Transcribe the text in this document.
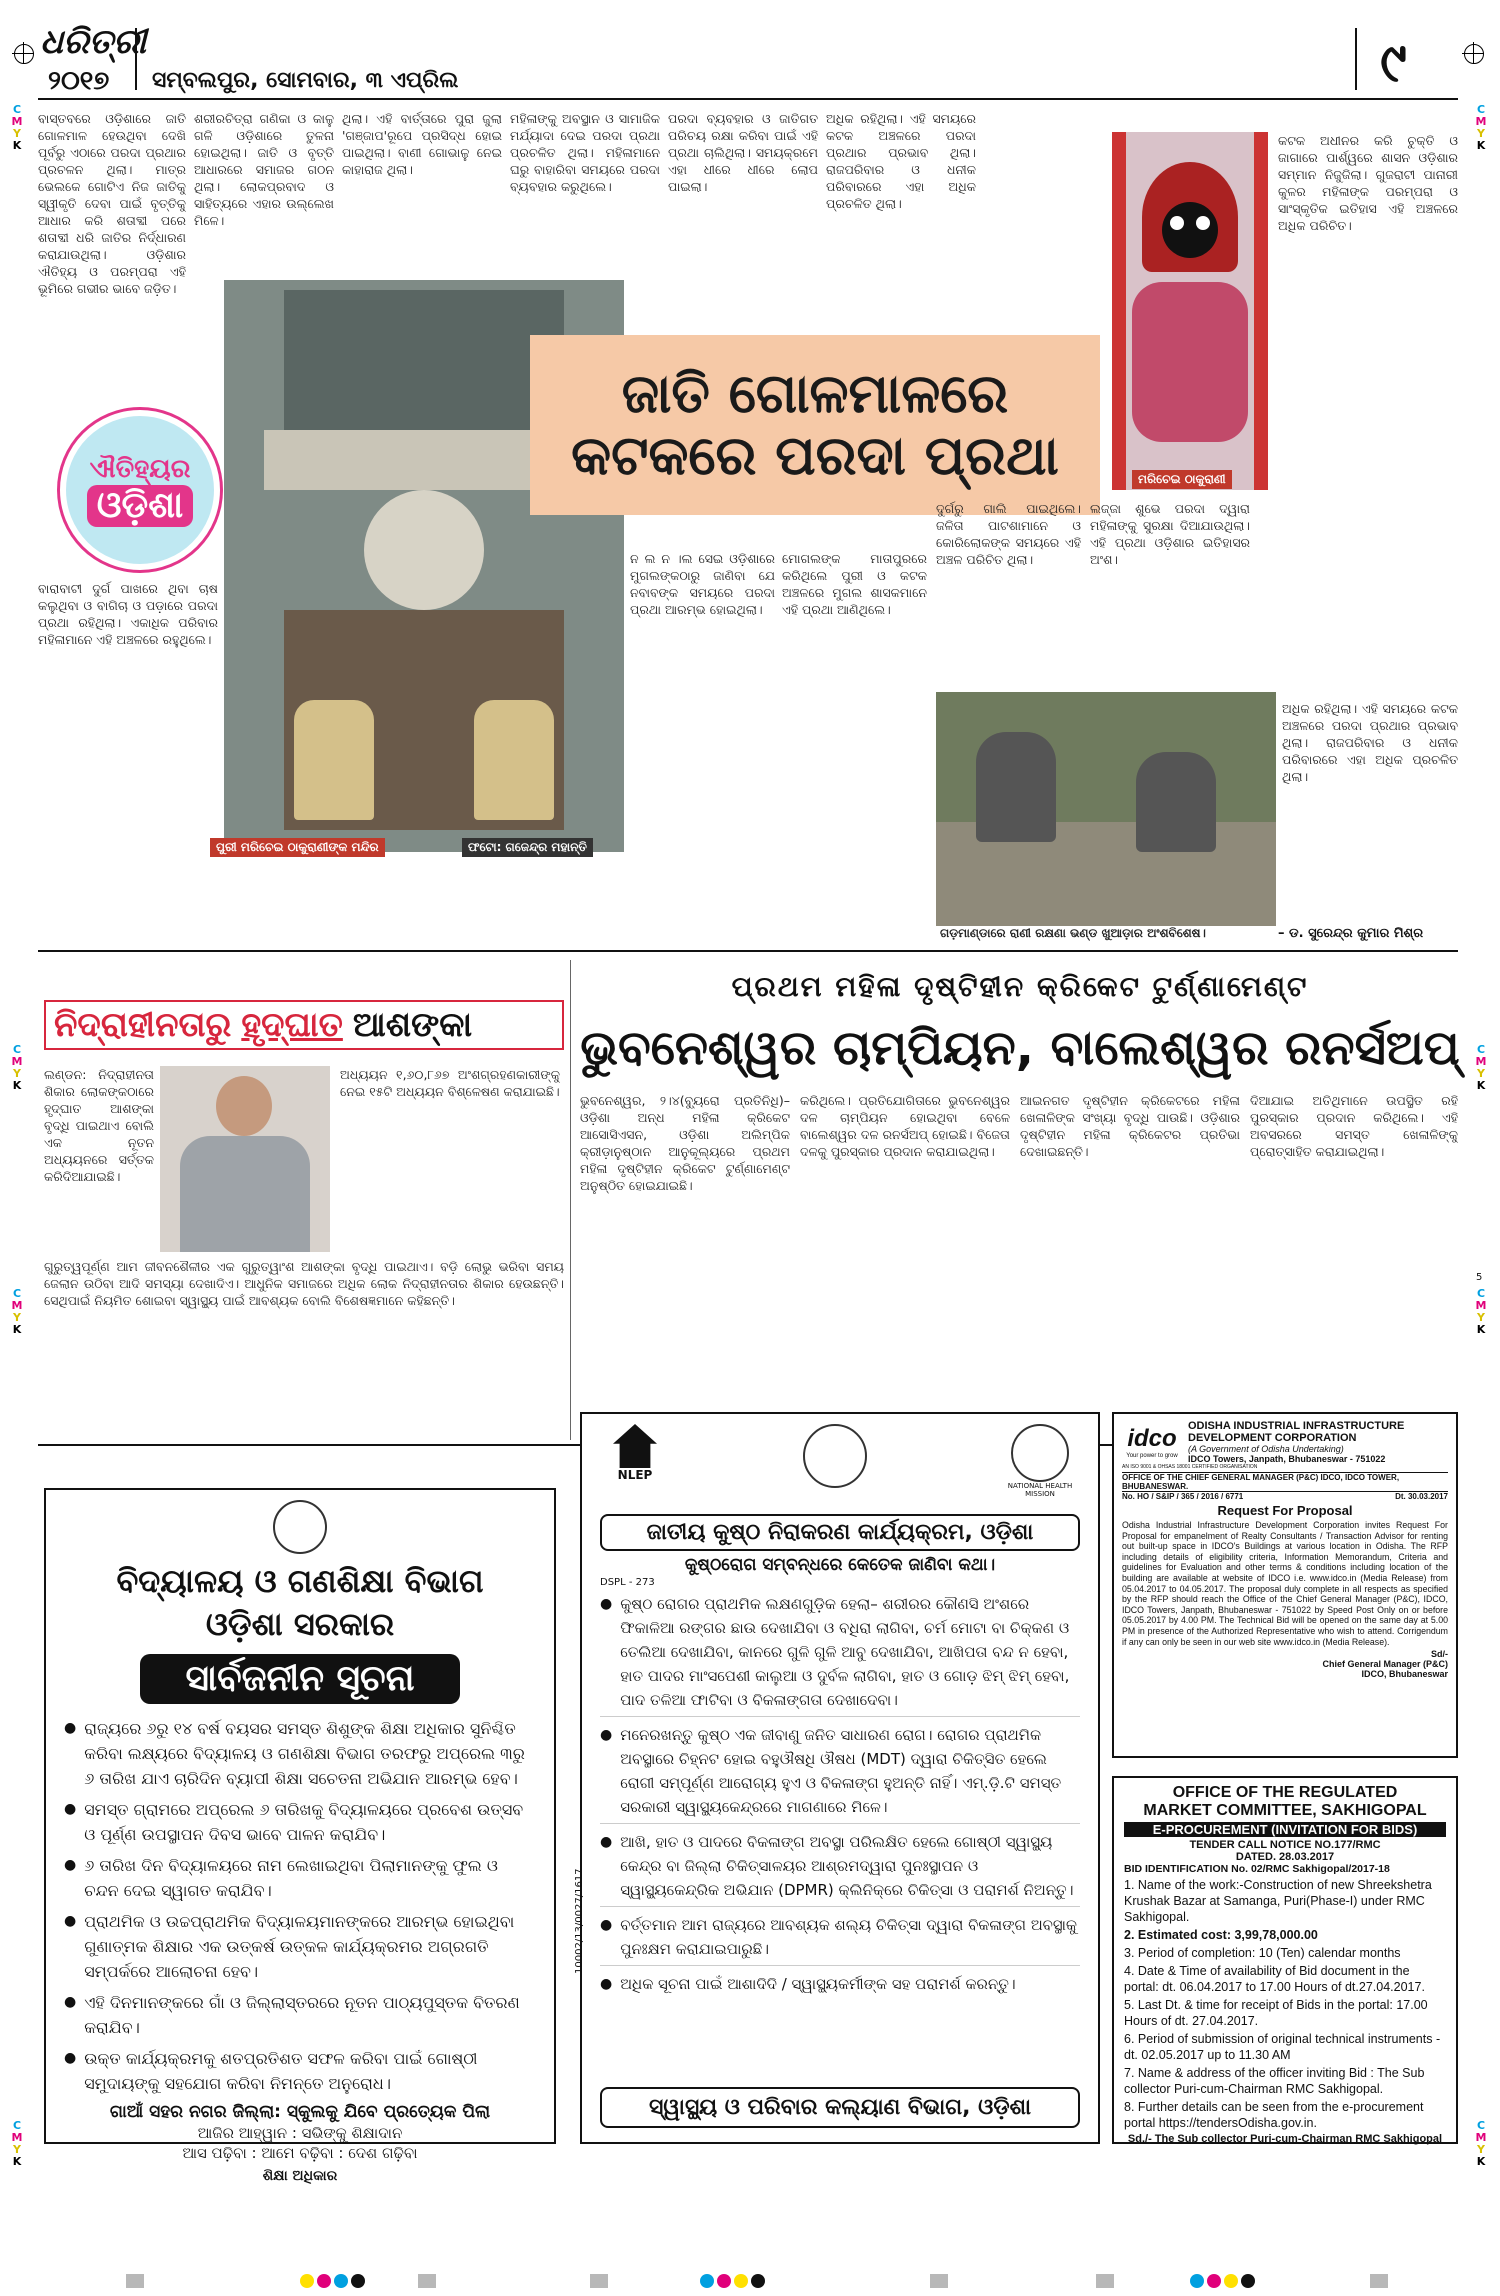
ଧରିତ୍ରୀ
୨୦୧୭ ସମ୍ବଲପୁର, ସୋମବାର, ୩ ଏପ୍ରିଲ	୯
C
M
Y
K
C
M
Y
K
C
M
Y
K
C
M
Y
K
C
M
Y
K
C
M
Y
K
C
M
Y
K
C
M
Y
K
ବାସ୍ତବରେ ଓଡ଼ିଶାରେ ଜାତି ଗୋଳମାଳ ହେଉଥିବା ଦେଖି ପୂର୍ବରୁ ଏଠାରେ ପରଦା ପ୍ରଥାର ପ୍ରଚଳନ ଥିଲା। ମାତ୍ର ଭେଲକେ ଗୋଟିଏ ନିଜ ଜାତିକୁ ସ୍ୱୀକୃତି ଦେବା ପାଇଁ ବୃତ୍ତିକୁ ଆଧାର କରି ଶତାବ୍ଦୀ ପରେ ଶତାବ୍ଦୀ ଧରି ଜାତିର ନିର୍ଦ୍ଧାରଣ କରାଯାଉଥିଲା। ଓଡ଼ିଶାର ଐତିହ୍ୟ ଓ ପରମ୍ପରା ଏହି ଭୂମିରେ ଗଭୀର ଭାବେ ଜଡ଼ିତ।
ଶରୀରଚିତ୍ରା ଗଣିକା ଓ କାଳୁ ଗଳି ଓଡ଼ିଶାରେ ତୁଳନା ହୋଇଥିଲା। ଜାତି ଓ ବୃତ୍ତି ଆଧାରରେ ସମାଜର ଗଠନ ଥିଲା। ଲୋକପ୍ରବାଦ ଓ ସାହିତ୍ୟରେ ଏହାର ଉଲ୍ଲେଖ ମିଳେ।
ଥିଲା। ଏହି ବାର୍ତ୍ତାରେ ପୁରା ଜୁଲା 'ଗଞ୍ଜାପ'ରୂପେ ପ୍ରସିଦ୍ଧ ହୋଇ ପାଇଥିଲା। ବାଣୀ ଗୋଭାଳୁ ନେଇ କାହାରାଜ ଥିଲା।
ମହିଳାଙ୍କୁ ଅବସ୍ଥାନ ଓ ସାମାଜିକ ମର୍ଯ୍ୟାଦା ଦେଇ ପରଦା ପ୍ରଥା ପ୍ରଚଳିତ ଥିଲା। ମହିଳାମାନେ ଘରୁ ବାହାରିବା ସମୟରେ ପରଦା ବ୍ୟବହାର କରୁଥିଲେ।
ପରଦା ବ୍ୟବହାର ଓ ଜାତିଗତ ପରିଚୟ ରକ୍ଷା କରିବା ପାଇଁ ଏହି ପ୍ରଥା ଚାଲିଥିଲା। ସମୟକ୍ରମେ ଏହା ଧୀରେ ଧୀରେ ଲୋପ ପାଇଲା।
ଅଧିକ ରହିଥିଲା। ଏହି ସମୟରେ କଟକ ଅଞ୍ଚଳରେ ପରଦା ପ୍ରଥାର ପ୍ରଭାବ ଥିଲା। ରାଜପରିବାର ଓ ଧନୀକ ପରିବାରରେ ଏହା ଅଧିକ ପ୍ରଚଳିତ ଥିଲା।
ମରିଚେଇ ଠାକୁରାଣୀ
କଟକ ଅଧୀନର କରି ଚୁକ୍ତି ଓ ଜାଗାରେ ପାର୍ଶ୍ୱରେ ଶାସନ ଓଡ଼ିଶାର ସମ୍ମାନ ନିଜୁଜିଲା। ଗୁଜରାଟୀ ପାନାରୀ କୁଳର ମହିଳାଙ୍କ ପରମ୍ପରା ଓ ସାଂସ୍କୃତିକ ଇତିହାସ ଏହି ଅଞ୍ଚଳରେ ଅଧିକ ପରିଚିତ।
ପୁରୀ ମରିଚେଇ ଠାକୁରାଣୀଙ୍କ ମନ୍ଦିର	ଫଟୋ: ଗଜେନ୍ଦ୍ର ମହାନ୍ତି
ଐତିହ୍ୟର
ଓଡ଼ିଶା
ଜାତି ଗୋଳମାଳରେ
କଟକରେ ପରଦା ପ୍ରଥା
ବାରାବାଟୀ ଦୁର୍ଗ ପାଖରେ ଥିବା ଚାଷ କଲୁଥିବା ଓ ବାଗିଚା ଓ ପଡ଼ାରେ ପରଦା ପ୍ରଥା ରହିଥିଲା। ଏକାଧିକ ପରିବାର ମହିଳାମାନେ ଏହି ଅଞ୍ଚଳରେ ରହୁଥିଲେ।
ନ ଲ ନ ।ଲ ସେଇ ଓଡ଼ିଶାରେ ମୁଗଲଙ୍କଠାରୁ ଜାଣିବା ଯେ ନବାବଙ୍କ ସମୟରେ ପରଦା ପ୍ରଥା ଆରମ୍ଭ ହୋଇଥିଲା।
ମୋଗଲଙ୍କ ମାତାପୁରରେ କରିଥିଲେ ପୁରୀ ଓ କଟକ ଅଞ୍ଚଳରେ ମୁଗଲ ଶାସକମାନେ ଏହି ପ୍ରଥା ଆଣିଥିଲେ।
ଦୁର୍ଗରୁ ଗାଲି ପାଇଥିଲେ। ଜଳିତା ପାଟଶାମାନେ ଓ କୋରିଲୋକଙ୍କ ସମୟରେ ଏହି ଅଞ୍ଚଳ ପରିଚିତ ଥିଲା।
ଲଜ୍ଜା ଶୁଭେ ପରଦା ଦ୍ୱାରା ମହିଳାଙ୍କୁ ସୁରକ୍ଷା ଦିଆଯାଉଥିଲା। ଏହି ପ୍ରଥା ଓଡ଼ିଶାର ଇତିହାସର ଅଂଶ।
ଗଡ଼ମାଣ୍ଡାରେ ରାଣୀ ରକ୍ଷଣା ଭଣ୍ଡ ଖୁଆଡ଼ାର ଅଂଶବିଶେଷ।
ଅଧିକ ରହିଥିଲା। ଏହି ସମୟରେ କଟକ ଅଞ୍ଚଳରେ ପରଦା ପ୍ରଥାର ପ୍ରଭାବ ଥିଲା। ରାଜପରିବାର ଓ ଧନୀକ ପରିବାରରେ ଏହା ଅଧିକ ପ୍ରଚଳିତ ଥିଲା।
– ଡ. ସୁରେନ୍ଦ୍ର କୁମାର ମିଶ୍ର
ନିଦ୍ରାହୀନତାରୁ ହୃଦ୍‌ଘାତ ଆଶଙ୍କା
ଲଣ୍ଡନ: ନିଦ୍ରାହୀନତା ଶିକାର ଲୋକଙ୍କଠାରେ ହୃଦ୍‌ଘାତ ଆଶଙ୍କା ବୃଦ୍ଧି ପାଇଥାଏ ବୋଲି ଏକ ନୂତନ ଅଧ୍ୟୟନରେ ସର୍ତ୍ତକ କରିଦିଆଯାଇଛି।
ଅଧ୍ୟୟନ ୧,୬୦,୮୬୭ ଅଂଶଗ୍ରହଣକାରୀଙ୍କୁ ନେଇ ୧୫ଟି ଅଧ୍ୟୟନ ବିଶ୍ଳେଷଣ କରାଯାଇଛି।
ଗୁରୁତ୍ୱପୂର୍ଣ୍ଣ ଆମ ଜୀବନଶୈଳୀର ଏକ ଗୁରୁତ୍ୱାଂଶ ଆଶଙ୍କା ବୃଦ୍ଧି ପାଇଥାଏ। ବଡ଼ି ଲୋଭୁ ଭରିବା ସମୟ ଜେଲାନ ଉଠିବା ଆଦି ସମସ୍ୟା ଦେଖାଦିଏ। ଆଧୁନିକ ସମାଜରେ ଅଧିକ ଲୋକ ନିଦ୍ରାହୀନତାର ଶିକାର ହେଉଛନ୍ତି। ସେଥିପାଇଁ ନିୟମିତ ଶୋଇବା ସ୍ୱାସ୍ଥ୍ୟ ପାଇଁ ଆବଶ୍ୟକ ବୋଲି ବିଶେଷଜ୍ଞମାନେ କହିଛନ୍ତି।
ପ୍ରଥମ ମହିଳା ଦୃଷ୍ଟିହୀନ କ୍ରିକେଟ ଟୁର୍ଣ୍ଣାମେଣ୍ଟ
ଭୁବନେଶ୍ୱର ଚାମ୍ପିୟନ, ବାଲେଶ୍ୱର ରନର୍ସଅପ୍‌
ଭୁବନେଶ୍ୱର, ୨।୪(ବ୍ୟୁରୋ ପ୍ରତିନିଧି)– ଓଡ଼ିଶା ଅନ୍ଧ ମହିଳା କ୍ରିକେଟ ଆସୋସିଏସନ, ଓଡ଼ିଶା ଅଲିମ୍ପିକ କ୍ରୀଡ଼ାନୁଷ୍ଠାନ ଆନୁକୂଲ୍ୟରେ ପ୍ରଥମ ମହିଳା ଦୃଷ୍ଟିହୀନ କ୍ରିକେଟ ଟୁର୍ଣ୍ଣାମେଣ୍ଟ ଅନୁଷ୍ଠିତ ହୋଇଯାଇଛି।
କରିଥିଲେ। ପ୍ରତିଯୋଗିତାରେ ଭୁବନେଶ୍ୱର ଦଳ ଚାମ୍ପିୟନ ହୋଇଥିବା ବେଳେ ବାଲେଶ୍ୱର ଦଳ ରନର୍ସଅପ୍‌ ହୋଇଛି। ବିଜେତା ଦଳକୁ ପୁରସ୍କାର ପ୍ରଦାନ କରାଯାଇଥିଲା।
ଆଇନଗତ ଦୃଷ୍ଟିହୀନ କ୍ରିକେଟରେ ମହିଳା ଖେଳାଳିଙ୍କ ସଂଖ୍ୟା ବୃଦ୍ଧି ପାଉଛି। ଓଡ଼ିଶାର ଦୃଷ୍ଟିହୀନ ମହିଳା କ୍ରିକେଟର ପ୍ରତିଭା ଦେଖାଇଛନ୍ତି।
ଦିଆଯାଇ ଅତିଥିମାନେ ଉପସ୍ଥିତ ରହି ପୁରସ୍କାର ପ୍ରଦାନ କରିଥିଲେ। ଏହି ଅବସରରେ ସମସ୍ତ ଖେଳାଳିଙ୍କୁ ପ୍ରୋତ୍ସାହିତ କରାଯାଇଥିଲା।
ବିଦ୍ୟାଳୟ ଓ ଗଣଶିକ୍ଷା ବିଭାଗ
ଓଡ଼ିଶା ସରକାର
ସାର୍ବଜନୀନ ସୂଚନା
● ରାଜ୍ୟରେ ୬ରୁ ୧୪ ବର୍ଷ ବୟସର ସମସ୍ତ ଶିଶୁଙ୍କ ଶିକ୍ଷା ଅଧିକାର ସୁନିଶ୍ଚିତ କରିବା ଲକ୍ଷ୍ୟରେ ବିଦ୍ୟାଳୟ ଓ ଗଣଶିକ୍ଷା ବିଭାଗ ତରଫରୁ ଅପ୍ରେଲ ୩ରୁ ୬ ତାରିଖ ଯାଏ ଚାରିଦିନ ବ୍ୟାପୀ ଶିକ୍ଷା ସଚେତନା ଅଭିଯାନ ଆରମ୍ଭ ହେବ।
● ସମସ୍ତ ଗ୍ରାମରେ ଅପ୍ରେଲ ୬ ତାରିଖକୁ ବିଦ୍ୟାଳୟରେ ପ୍ରବେଶ ଉତ୍ସବ ଓ ପୂର୍ଣ୍ଣ ଉପସ୍ଥାପନ ଦିବସ ଭାବେ ପାଳନ କରାଯିବ।
● ୬ ତାରିଖ ଦିନ ବିଦ୍ୟାଳୟରେ ନାମ ଲେଖାଇଥିବା ପିଲାମାନଙ୍କୁ ଫୁଲ ଓ ଚନ୍ଦନ ଦେଇ ସ୍ୱାଗତ କରାଯିବ।
● ପ୍ରାଥମିକ ଓ ଉଚ୍ଚପ୍ରାଥମିକ ବିଦ୍ୟାଳୟମାନଙ୍କରେ ଆରମ୍ଭ ହୋଇଥିବା ଗୁଣାତ୍ମକ ଶିକ୍ଷାର ଏକ ଉତ୍କର୍ଷ ଉତ୍କଳ କାର୍ଯ୍ୟକ୍ରମର ଅଗ୍ରଗତି ସମ୍ପର୍କରେ ଆଲୋଚନା ହେବ।
● ଏହି ଦିନମାନଙ୍କରେ ଗାଁ ଓ ଜିଲ୍ଲାସ୍ତରରେ ନୂତନ ପାଠ୍ୟପୁସ୍ତକ ବିତରଣ କରାଯିବ।
● ଉକ୍ତ କାର୍ଯ୍ୟକ୍ରମକୁ ଶତପ୍ରତିଶତ ସଫଳ କରିବା ପାଇଁ ଗୋଷ୍ଠୀ ସମୁଦାୟଙ୍କୁ ସହଯୋଗ କରିବା ନିମନ୍ତେ ଅନୁରୋଧ।
ଗାଆଁ ସହର ନଗର ଜିଲ୍ଲା: ସ୍କୁଲକୁ ଯିବେ ପ୍ରତ୍ୟେକ ପିଲା
ଆଜିର ଆହ୍ୱାନ : ସଭିଙ୍କୁ ଶିକ୍ଷାଦାନ
ଆସ ପଢ଼ିବା : ଆମେ ବଢ଼ିବା : ଦେଶ ଗଢ଼ିବା
ଶିକ୍ଷା ଅଧିକାର
NLEP
NATIONAL HEALTH MISSION
ଜାତୀୟ କୁଷ୍ଠ ନିରାକରଣ କାର୍ଯ୍ୟକ୍ରମ, ଓଡ଼ିଶା
କୁଷ୍ଠରୋଗ ସମ୍ବନ୍ଧରେ କେତେକ ଜାଣିବା କଥା।
DSPL - 273
● କୁଷ୍ଠ ରୋଗର ପ୍ରାଥମିକ ଲକ୍ଷଣଗୁଡ଼ିକ ହେଲା– ଶରୀରର କୌଣସି ଅଂଶରେ ଫିକାଳିଆ ରଙ୍ଗର ଛାଉ ଦେଖାଯିବା ଓ ବଧିରା ଲାଗିବା, ଚର୍ମ ମୋଟା ବା ଚିକ୍କଣ ଓ ତେଲିଆ ଦେଖାଯିବା, କାନରେ ଗୁଳି ଗୁଳି ଆବୁ ଦେଖାଯିବା, ଆଖିପତା ବନ୍ଦ ନ ହେବା, ହାତ ପାଦର ମାଂସପେଶୀ କାଲୁଆ ଓ ଦୁର୍ବଳ ଲାଗିବା, ହାତ ଓ ଗୋଡ଼ ଝିମ୍ ଝିମ୍ ହେବା, ପାଦ ତଳିଆ ଫାଟିବା ଓ ବିକଳାଙ୍ଗତା ଦେଖାଦେବା।
● ମନେରଖନ୍ତୁ କୁଷ୍ଠ ଏକ ଜୀବାଣୁ ଜନିତ ସାଧାରଣ ରୋଗ। ରୋଗର ପ୍ରାଥମିକ ଅବସ୍ଥାରେ ଚିହ୍ନଟ ହୋଇ ବହୁଔଷଧି ଔଷଧ (MDT) ଦ୍ୱାରା ଚିକିତ୍ସିତ ହେଲେ ରୋଗୀ ସମ୍ପୂର୍ଣ୍ଣ ଆରୋଗ୍ୟ ହୁଏ ଓ ବିକଳାଙ୍ଗ ହୁଅନ୍ତି ନାହିଁ। ଏମ୍.ଡ଼ି.ଟି ସମସ୍ତ ସରକାରୀ ସ୍ୱାସ୍ଥ୍ୟକେନ୍ଦ୍ରରେ ମାଗଣାରେ ମିଳେ।
● ଆଖି, ହାତ ଓ ପାଦରେ ବିକଳାଙ୍ଗ ଅବସ୍ଥା ପରିଲକ୍ଷିତ ହେଲେ ଗୋଷ୍ଠୀ ସ୍ୱାସ୍ଥ୍ୟ କେନ୍ଦ୍ର ବା ଜିଲ୍ଲା ଚିକିତ୍ସାଳୟର ଆଶ୍ରମଦ୍ୱାରା ପୁନଃସ୍ଥାପନ ଓ ସ୍ୱାସ୍ଥ୍ୟକେନ୍ଦ୍ରିକ ଅଭିଯାନ (DPMR) କ୍ଲିନିକ୍‌ରେ ଚିକିତ୍ସା ଓ ପରାମର୍ଶ ନିଅନ୍ତୁ।
● ବର୍ତ୍ତମାନ ଆମ ରାଜ୍ୟରେ ଆବଶ୍ୟକ ଶଲ୍ୟ ଚିକିତ୍ସା ଦ୍ୱାରା ବିକଳାଙ୍ଗ ଅବସ୍ଥାକୁ ପୁନଃକ୍ଷମ କରାଯାଇପାରୁଛି।
● ଅଧିକ ସୂଚନା ପାଇଁ ଆଶାଦିଦି / ସ୍ୱାସ୍ଥ୍ୟକର୍ମୀଙ୍କ ସହ ପରାମର୍ଶ କରନ୍ତୁ।
10002/13/0027/1617
ସ୍ୱାସ୍ଥ୍ୟ ଓ ପରିବାର କଲ୍ୟାଣ ବିଭାଗ, ଓଡ଼ିଶା
idco
Your power to grow
ODISHA INDUSTRIAL INFRASTRUCTURE
DEVELOPMENT CORPORATION
(A Government of Odisha Undertaking)
IDCO Towers, Janpath, Bhubaneswar - 751022
AN ISO 9001 & OHSAS 18001 CERTIFIED ORGANISATION
OFFICE OF THE CHIEF GENERAL MANAGER (P&C) IDCO, IDCO TOWER, BHUBANESWAR.
No. HO / S&IP / 365 / 2016 / 6771	Dt. 30.03.2017
Request For Proposal
Odisha Industrial Infrastructure Development Corporation invites Request For Proposal for empanelment of Realty Consultants / Transaction Advisor for renting out built-up space in IDCO's Buildings at various location in Odisha. The RFP including details of eligibility criteria, Information Memorandum, Criteria and guidelines for Evaluation and other terms & conditions including location of the building are available at website of IDCO i.e. www.idco.in (Media Release) from 05.04.2017 to 04.05.2017. The proposal duly complete in all respects as specified by the RFP should reach the Office of the Chief General Manager (P&C), IDCO, IDCO Towers, Janpath, Bhubaneswar - 751022 by Speed Post Only on or before 05.05.2017 by 4.00 PM. The Technical Bid will be opened on the same day at 5.00 PM in presence of the Authorized Representative who wish to attend. Corrigendum if any can only be seen in our web site www.idco.in (Media Release).
Sd/-
Chief General Manager (P&C)
IDCO, Bhubaneswar
OFFICE OF THE REGULATED
MARKET COMMITTEE, SAKHIGOPAL
E-PROCUREMENT (INVITATION FOR BIDS)
TENDER CALL NOTICE NO.177/RMC
DATED. 28.03.2017
BID IDENTIFICATION No. 02/RMC Sakhigopal/2017-18
1. Name of the work:-Construction of new Shreekshetra Krushak Bazar at Samanga, Puri(Phase-I) under RMC Sakhigopal.
2. Estimated cost: 3,99,78,000.00
3. Period of completion: 10 (Ten) calendar months
4. Date & Time of availability of Bid document in the portal: dt. 06.04.2017 to 17.00 Hours of dt.27.04.2017.
5. Last Dt. & time for receipt of Bids in the portal: 17.00 Hours of dt. 27.04.2017.
6. Period of submission of original technical instruments - dt. 02.05.2017 up to 11.30 AM
7. Name & address of the officer inviting Bid : The Sub collector Puri-cum-Chairman RMC Sakhigopal.
8. Further details can be seen from the e-procurement portal https://tendersOdisha.gov.in.
Sd./- The Sub collector Puri-cum-Chairman RMC Sakhigopal
5
